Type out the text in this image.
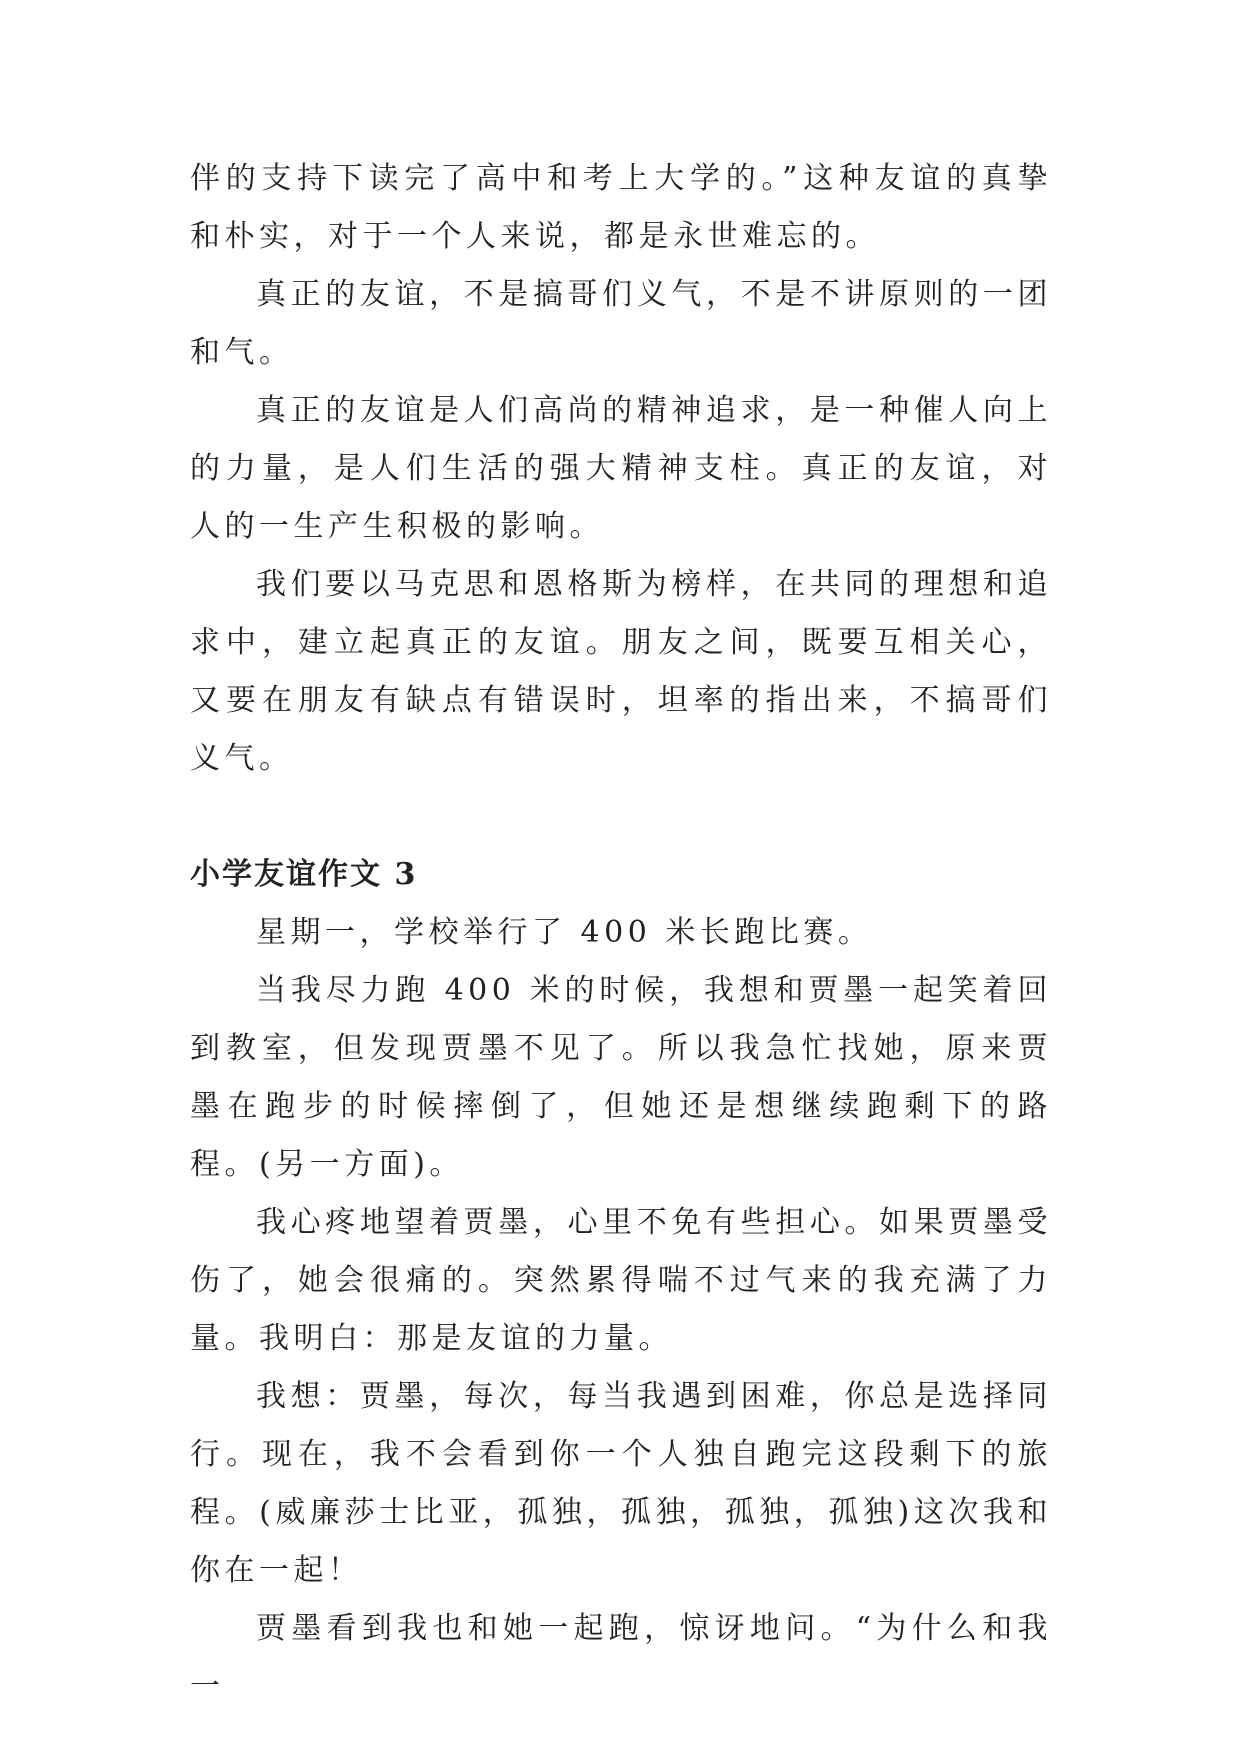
伴的支持下读完了高中和考上大学的。”这种友谊的真挚和朴实，对于一个人来说，都是永世难忘的。

真正的友谊，不是搞哥们义气，不是不讲原则的一团和气。

真正的友谊是人们高尚的精神追求，是一种催人向上的力量，是人们生活的强大精神支柱。真正的友谊，对人的一生产生积极的影响。

我们要以马克思和恩格斯为榜样，在共同的理想和追求中，建立起真正的友谊。朋友之间，既要互相关心，又要在朋友有缺点有错误时，坦率的指出来，不搞哥们义气。

小学友谊作文 3

星期一，学校举行了 400 米长跑比赛。

当我尽力跑 400 米的时候，我想和贾墨一起笑着回到教室，但发现贾墨不见了。所以我急忙找她，原来贾墨在跑步的时候摔倒了，但她还是想继续跑剩下的路程。(另一方面)。

我心疼地望着贾墨，心里不免有些担心。如果贾墨受伤了，她会很痛的。突然累得喘不过气来的我充满了力量。我明白：那是友谊的力量。

我想：贾墨，每次，每当我遇到困难，你总是选择同行。现在，我不会看到你一个人独自跑完这段剩下的旅程。(威廉莎士比亚，孤独，孤独，孤独，孤独)这次我和你在一起！

贾墨看到我也和她一起跑，惊讶地问。“为什么和我一
